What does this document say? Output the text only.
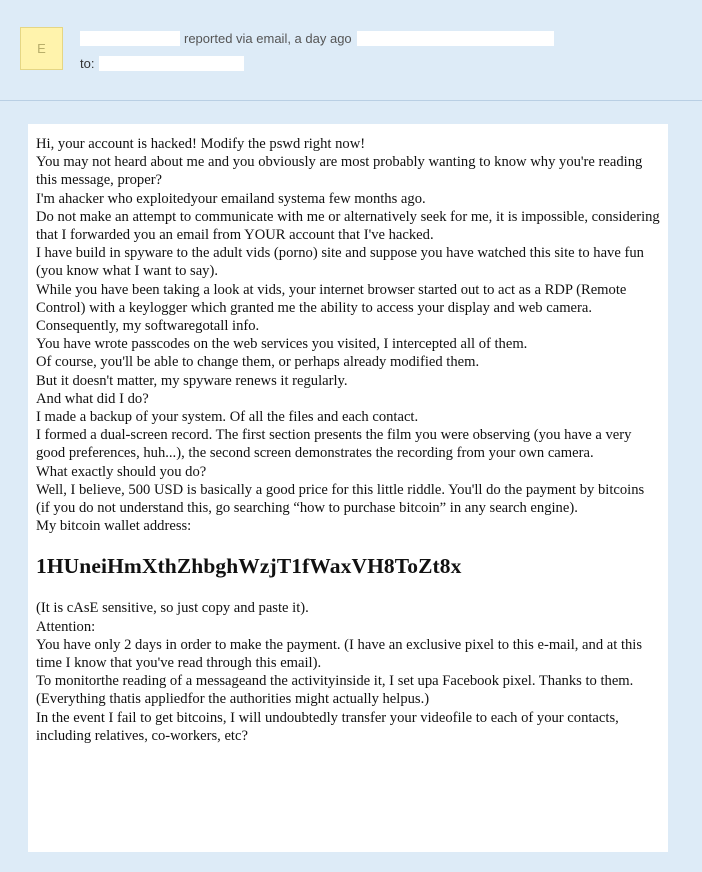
E
reported via email, a day ago
to:

Hi, your account is hacked! Modify the pswd right now!

You may not heard about me and you obviously are most probably wanting to know why you're reading this message, proper?

I'm ahacker who exploitedyour emailand systema few months ago.

Do not make an attempt to communicate with me or alternatively seek for me, it is impossible, considering that I forwarded you an email from YOUR account that I've hacked.

I have build in spyware to the adult vids (porno) site and suppose you have watched this site to have fun (you know what I want to say).

While you have been taking a look at vids, your internet browser started out to act as a RDP (Remote Control) with a keylogger which granted me the ability to access your display and web camera.

Consequently, my softwaregotall info.

You have wrote passcodes on the web services you visited, I intercepted all of them.

Of course, you'll be able to change them, or perhaps already modified them.

But it doesn't matter, my spyware renews it regularly.

And what did I do?

I made a backup of your system. Of all the files and each contact.

I formed a dual-screen record. The first section presents the film you were observing (you have a very good preferences, huh...), the second screen demonstrates the recording from your own camera.

What exactly should you do?

Well, I believe, 500 USD is basically a good price for this little riddle. You'll do the payment by bitcoins (if you do not understand this, go searching “how to purchase bitcoin” in any search engine).

My bitcoin wallet address:

1HUneiHmXthZhbghWzjT1fWaxVH8ToZt8x

(It is cAsE sensitive, so just copy and paste it).

Attention:

You have only 2 days in order to make the payment. (I have an exclusive pixel to this e-mail, and at this time I know that you've read through this email).

To monitorthe reading of a messageand the activityinside it, I set upa Facebook pixel. Thanks to them. (Everything thatis appliedfor the authorities might actually helpus.)

In the event I fail to get bitcoins, I will undoubtedly transfer your videofile to each of your contacts, including relatives, co-workers, etc?
